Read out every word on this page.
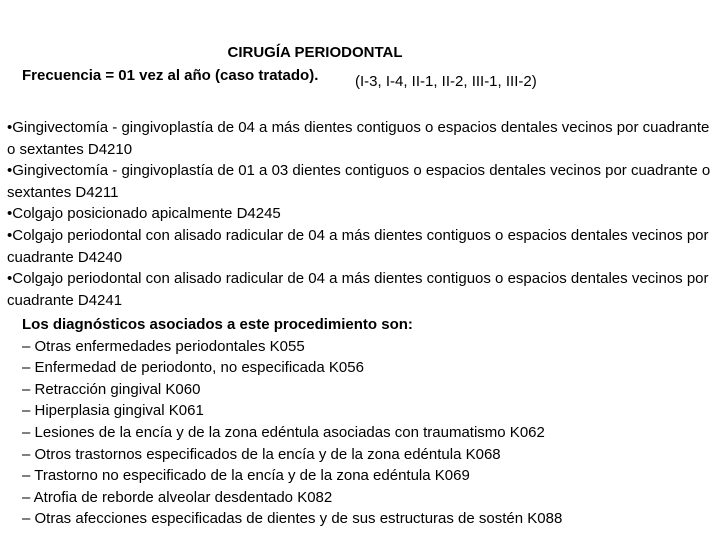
CIRUGÍA PERIODONTAL
Frecuencia = 01 vez al año (caso tratado). (I-3, I-4, II-1, II-2, III-1, III-2)

•Gingivectomía - gingivoplastía de 04 a más dientes contiguos o espacios dentales vecinos por cuadrante o sextantes D4210

•Gingivectomía - gingivoplastía de 01 a 03 dientes contiguos o espacios dentales vecinos por cuadrante o sextantes D4211

•Colgajo posicionado apicalmente D4245

•Colgajo periodontal con alisado radicular de 04 a más dientes contiguos o espacios dentales vecinos por cuadrante D4240

•Colgajo periodontal con alisado radicular de 04 a más dientes contiguos o espacios dentales vecinos por cuadrante D4241

Los diagnósticos asociados a este procedimiento son:

– Otras enfermedades periodontales K055

– Enfermedad de periodonto, no especificada K056

– Retracción gingival K060

– Hiperplasia gingival K061

– Lesiones de la encía y de la zona edéntula asociadas con traumatismo K062

– Otros trastornos especificados de la encía y de la zona edéntula K068

– Trastorno no especificado de la encía y de la zona edéntula K069

– Atrofia de reborde alveolar desdentado K082

– Otras afecciones especificadas de dientes y de sus estructuras de sostén K088
